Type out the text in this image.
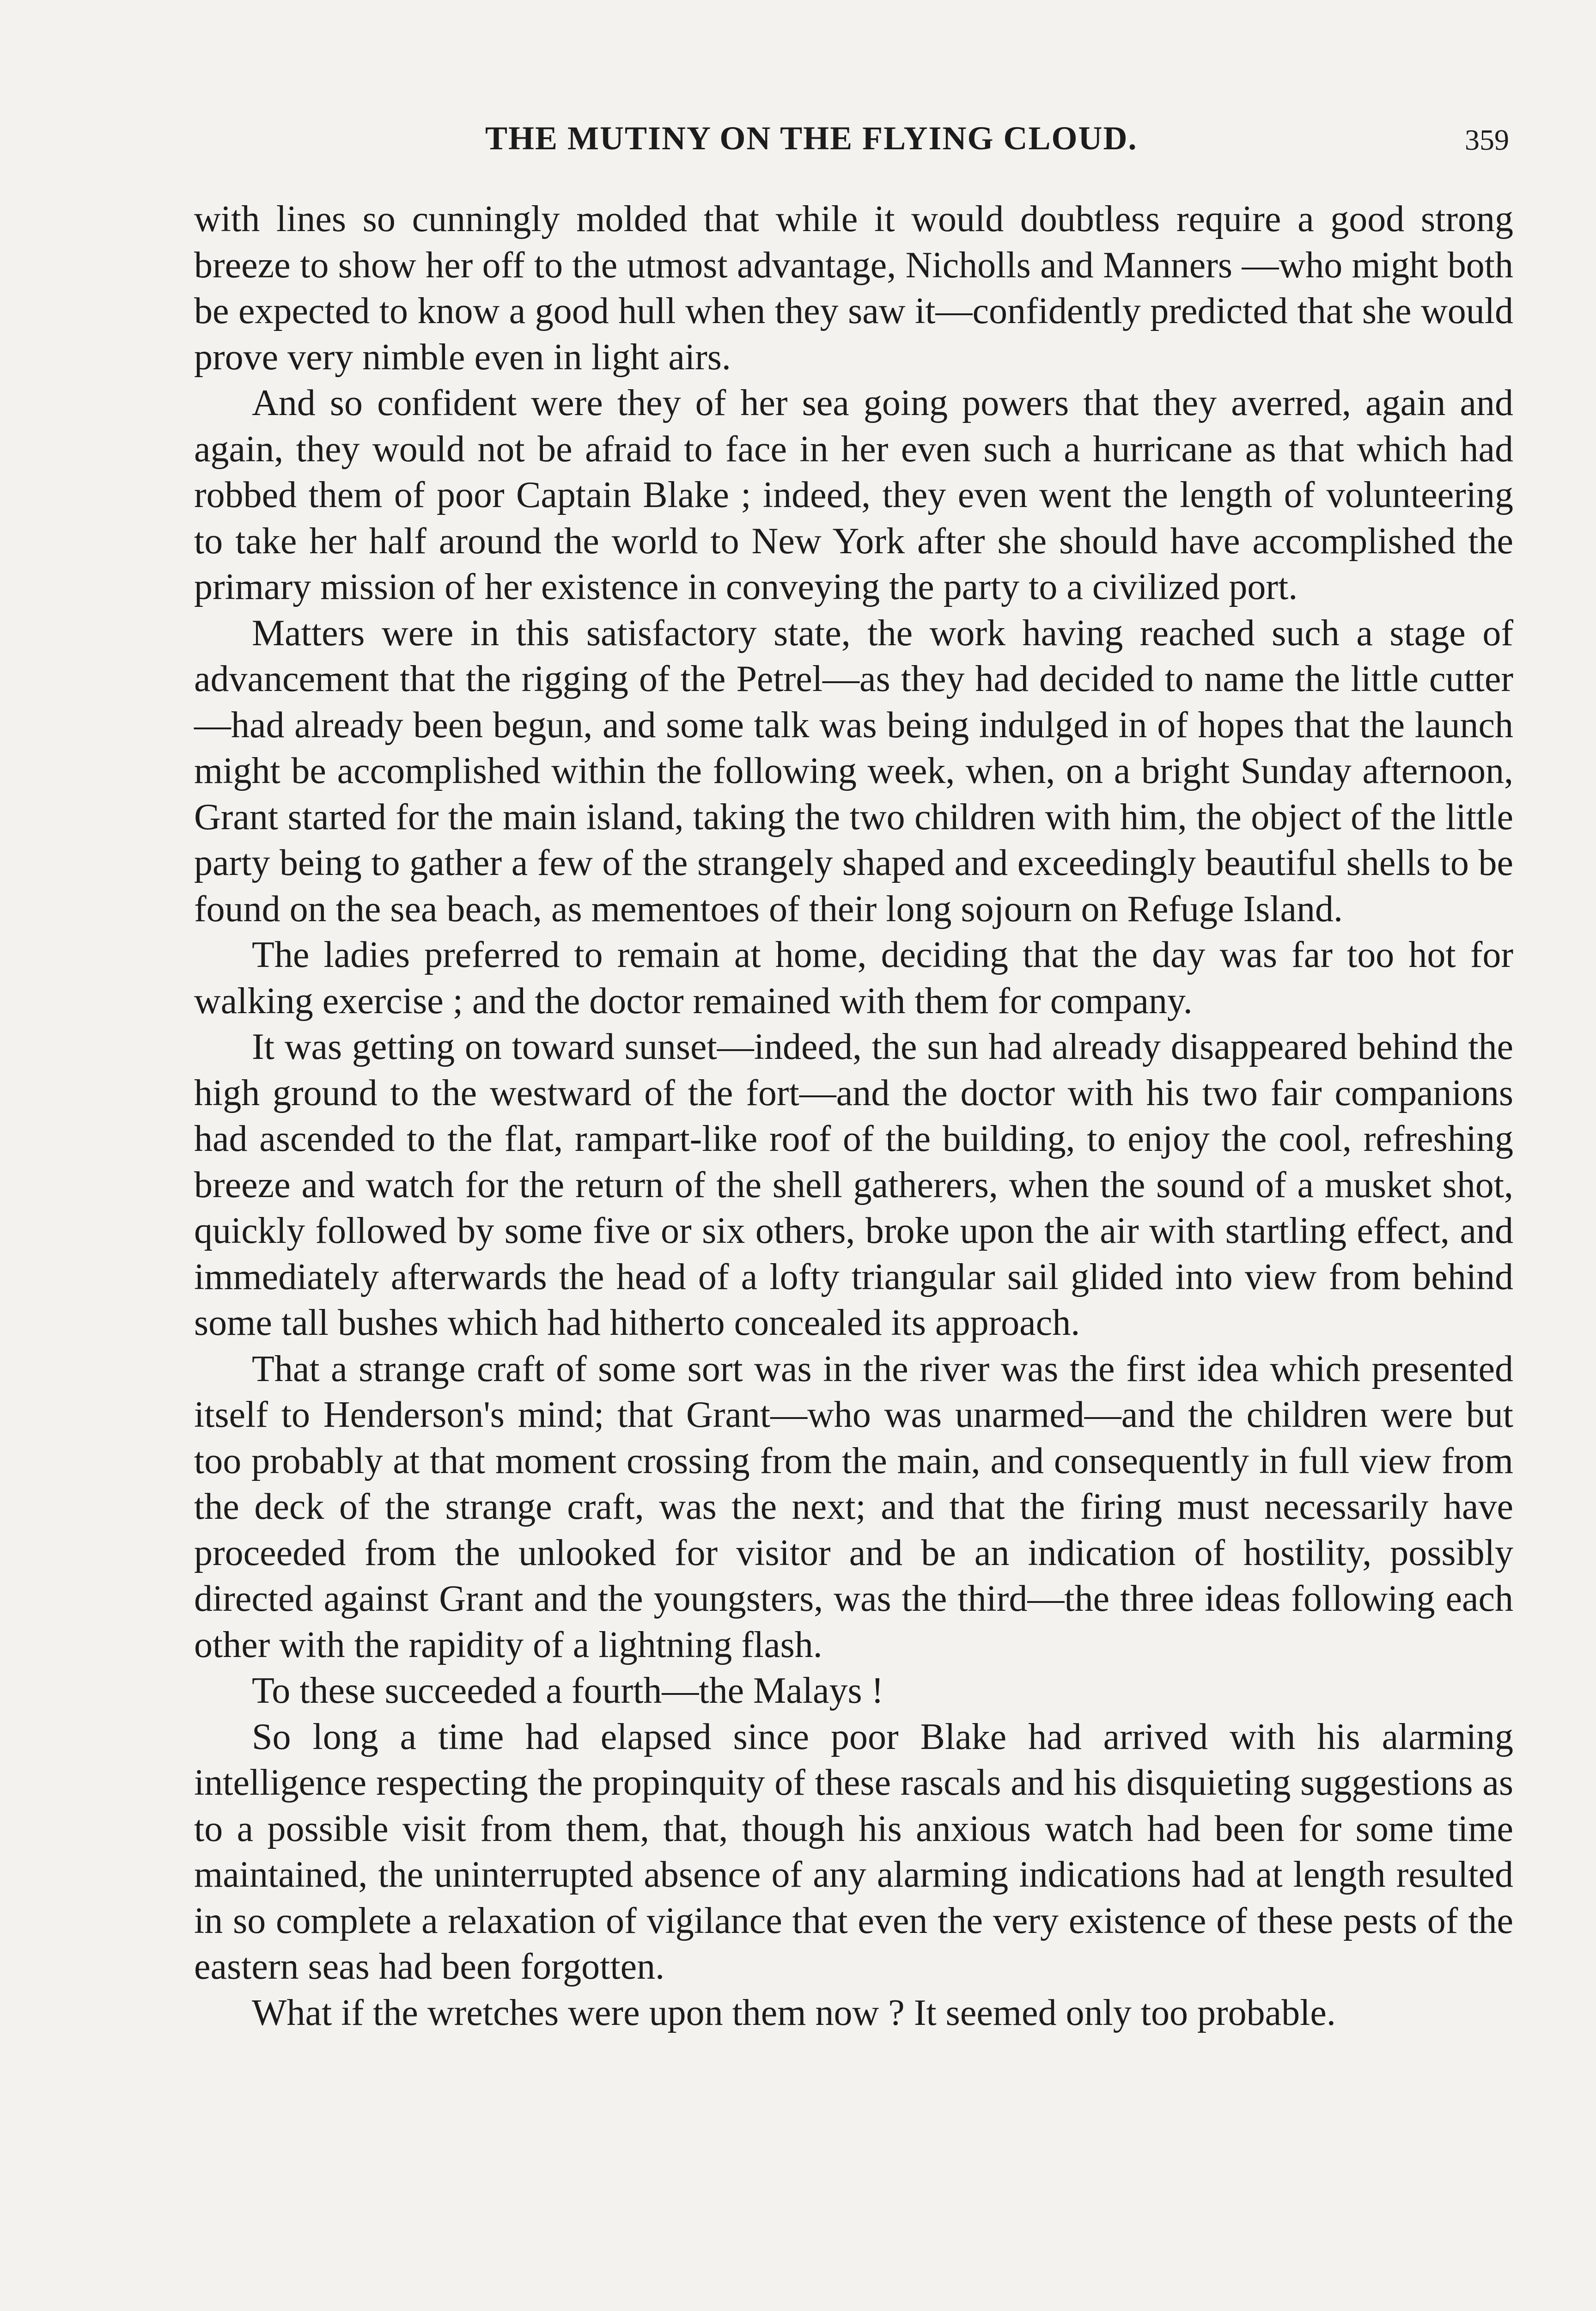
THE MUTINY ON THE FLYING CLOUD.	359

with lines so cunningly molded that while it would doubtless require a good strong breeze to show her off to the utmost advantage, Nicholls and Manners —who might both be expected to know a good hull when they saw it—confidently predicted that she would prove very nimble even in light airs.

And so confident were they of her sea going powers that they averred, again and again, they would not be afraid to face in her even such a hurricane as that which had robbed them of poor Captain Blake ; indeed, they even went the length of volunteering to take her half around the world to New York after she should have accomplished the primary mission of her existence in conveying the party to a civilized port.

Matters were in this satisfactory state, the work having reached such a stage of advancement that the rigging of the Petrel—as they had decided to name the little cutter—had already been begun, and some talk was being indulged in of hopes that the launch might be accomplished within the following week, when, on a bright Sunday afternoon, Grant started for the main island, taking the two children with him, the object of the little party being to gather a few of the strangely shaped and exceedingly beautiful shells to be found on the sea beach, as mementoes of their long sojourn on Refuge Island.

The ladies preferred to remain at home, deciding that the day was far too hot for walking exercise ; and the doctor remained with them for company.

It was getting on toward sunset—indeed, the sun had already disappeared behind the high ground to the westward of the fort—and the doctor with his two fair companions had ascended to the flat, rampart-like roof of the building, to enjoy the cool, refreshing breeze and watch for the return of the shell gatherers, when the sound of a musket shot, quickly followed by some five or six others, broke upon the air with startling effect, and immediately afterwards the head of a lofty triangular sail glided into view from behind some tall bushes which had hitherto concealed its approach.

That a strange craft of some sort was in the river was the first idea which presented itself to Henderson's mind; that Grant—who was unarmed—and the children were but too probably at that moment crossing from the main, and consequently in full view from the deck of the strange craft, was the next; and that the firing must necessarily have proceeded from the unlooked for visitor and be an indication of hostility, possibly directed against Grant and the youngsters, was the third—the three ideas following each other with the rapidity of a lightning flash.

To these succeeded a fourth—the Malays !

So long a time had elapsed since poor Blake had arrived with his alarming intelligence respecting the propinquity of these rascals and his disquieting suggestions as to a possible visit from them, that, though his anxious watch had been for some time maintained, the uninterrupted absence of any alarming indications had at length resulted in so complete a relaxation of vigilance that even the very existence of these pests of the eastern seas had been forgotten.

What if the wretches were upon them now ? It seemed only too probable.
